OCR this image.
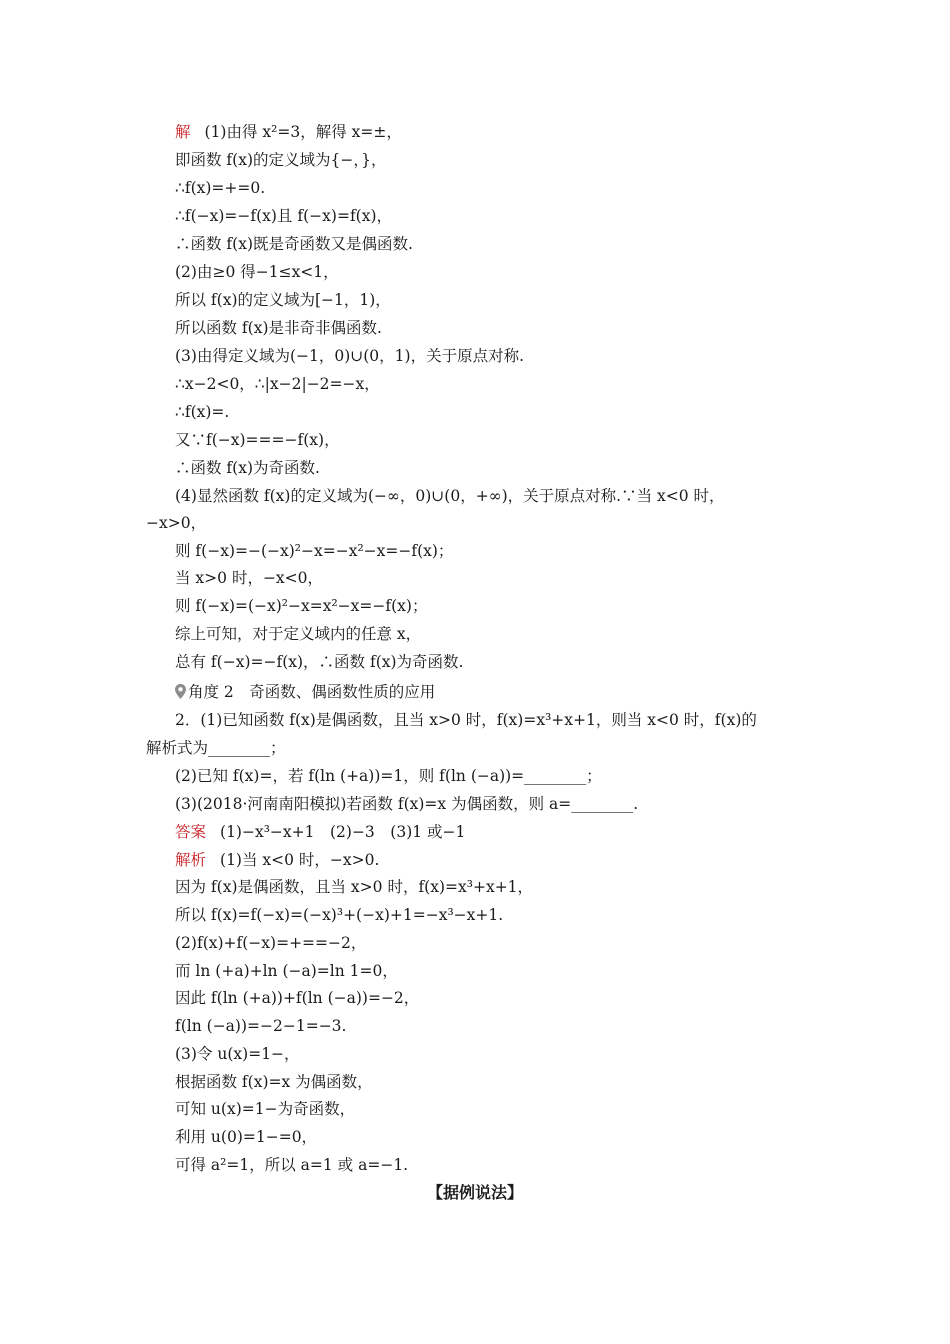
解 (1)由得 x²=3，解得 x=±，
即函数 f(x)的定义域为{−，}，
∴f(x)=+=0.
∴f(−x)=−f(x)且 f(−x)=f(x)，
∴函数 f(x)既是奇函数又是偶函数.
(2)由≥0 得−1≤x<1，
所以 f(x)的定义域为[−1，1)，
所以函数 f(x)是非奇非偶函数.
(3)由得定义域为(−1，0)∪(0，1)，关于原点对称.
∴x−2<0，∴|x−2|−2=−x，
∴f(x)=.
又∵f(−x)===−f(x)，
∴函数 f(x)为奇函数.
(4)显然函数 f(x)的定义域为(−∞，0)∪(0，+∞)，关于原点对称.∵当 x<0 时，
−x>0，
则 f(−x)=−(−x)²−x=−x²−x=−f(x)；
当 x>0 时，−x<0，
则 f(−x)=(−x)²−x=x²−x=−f(x)；
综上可知，对于定义域内的任意 x，
总有 f(−x)=−f(x)，∴函数 f(x)为奇函数.
角度 2　奇函数、偶函数性质的应用
2．(1)已知函数 f(x)是偶函数，且当 x>0 时，f(x)=x³+x+1，则当 x<0 时，f(x)的
解析式为________；
(2)已知 f(x)=，若 f(ln (+a))=1，则 f(ln (−a))=________；
(3)(2018·河南南阳模拟)若函数 f(x)=x 为偶函数，则 a=________.
答案 (1)−x³−x+1　(2)−3　(3)1 或−1
解析 (1)当 x<0 时，−x>0.
因为 f(x)是偶函数，且当 x>0 时，f(x)=x³+x+1，
所以 f(x)=f(−x)=(−x)³+(−x)+1=−x³−x+1.
(2)f(x)+f(−x)=+==−2，
而 ln (+a)+ln (−a)=ln 1=0，
因此 f(ln (+a))+f(ln (−a))=−2，
f(ln (−a))=−2−1=−3.
(3)令 u(x)=1−，
根据函数 f(x)=x 为偶函数，
可知 u(x)=1−为奇函数，
利用 u(0)=1−=0，
可得 a²=1，所以 a=1 或 a=−1.
【据例说法】
